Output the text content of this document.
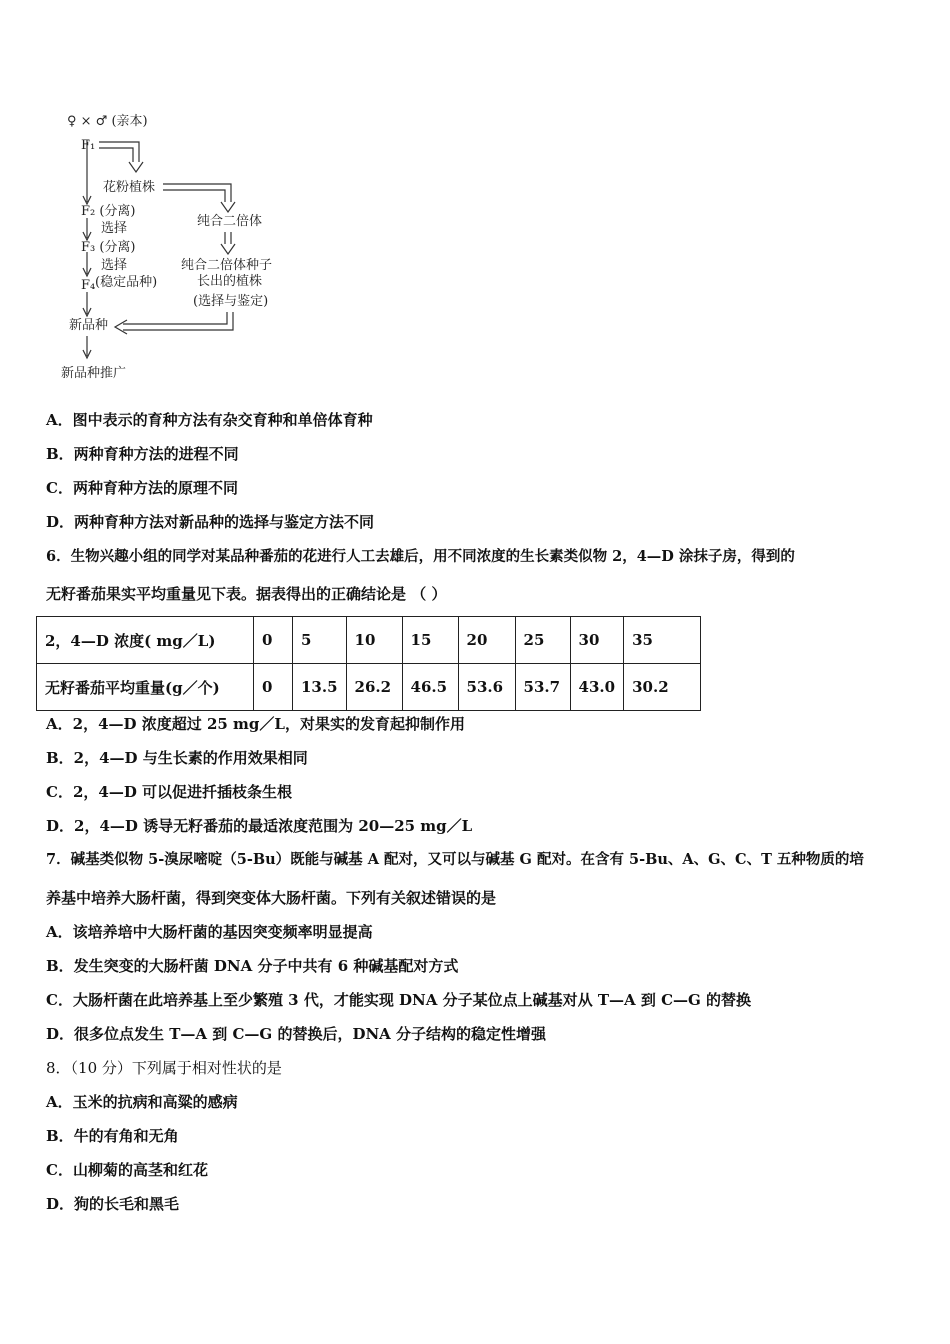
♀ × ♂ (亲本)
F₁
花粉植株
F₂ (分离)
选择
F₃ (分离)
选择
(稳定品种)
F₄
纯合二倍体
纯合二倍体种子
长出的植株
(选择与鉴定)
新品种
新品种推广
A．图中表示的育种方法有杂交育种和单倍体育种
B．两种育种方法的进程不同
C．两种育种方法的原理不同
D．两种育种方法对新品种的选择与鉴定方法不同
6．生物兴趣小组的同学对某品种番茄的花进行人工去雄后，用不同浓度的生长素类似物 2，4—D 涂抹子房，得到的
无籽番茄果实平均重量见下表。据表得出的正确结论是 （ ）
2，4—D 浓度( mg／L)	0	5	10	15	20	25	30	35
无籽番茄平均重量(g／个)	0	13.5	26.2	46.5	53.6	53.7	43.0	30.2
A．2，4—D 浓度超过 25 mg／L，对果实的发育起抑制作用
B．2，4—D 与生长素的作用效果相同
C．2，4—D 可以促进扦插枝条生根
D．2，4—D 诱导无籽番茄的最适浓度范围为 20—25 mg／L
7．碱基类似物 5-溴尿嘧啶（5-Bu）既能与碱基 A 配对，又可以与碱基 G 配对。在含有 5-Bu、A、G、C、T 五种物质的培
养基中培养大肠杆菌，得到突变体大肠杆菌。下列有关叙述错误的是
A．该培养培中大肠杆菌的基因突变频率明显提高
B．发生突变的大肠杆菌 DNA 分子中共有 6 种碱基配对方式
C．大肠杆菌在此培养基上至少繁殖 3 代，才能实现 DNA 分子某位点上碱基对从 T—A 到 C—G 的替换
D．很多位点发生 T—A 到 C—G 的替换后，DNA 分子结构的稳定性增强
8．（10 分）下列属于相对性状的是
A．玉米的抗病和高粱的感病
B．牛的有角和无角
C．山柳菊的高茎和红花
D．狗的长毛和黑毛
